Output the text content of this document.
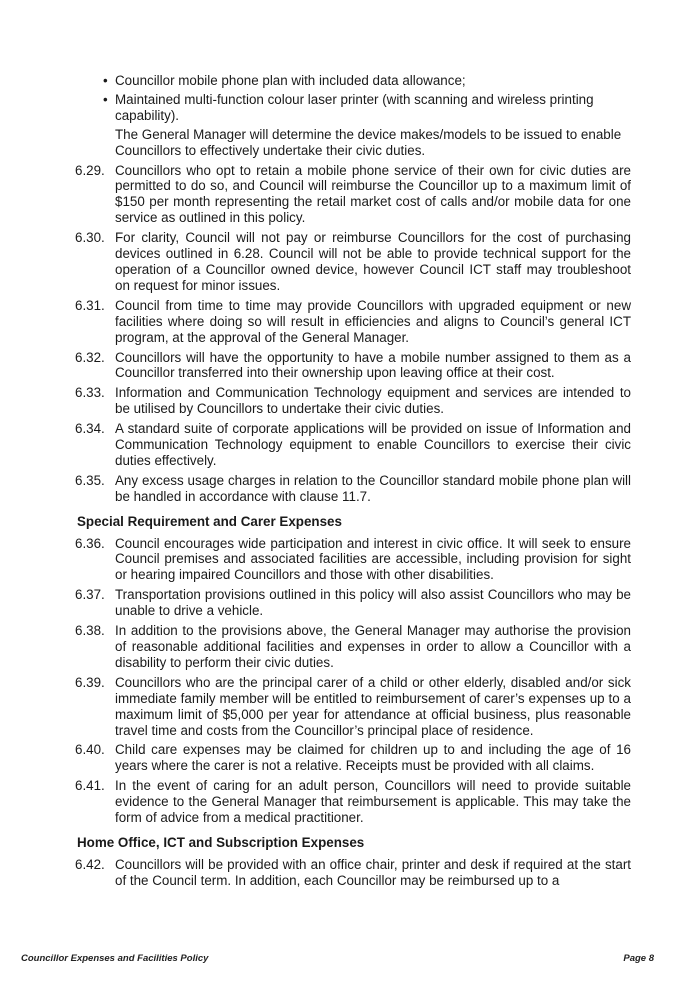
• Councillor mobile phone plan with included data allowance;
• Maintained multi-function colour laser printer (with scanning and wireless printing capability).
The General Manager will determine the device makes/models to be issued to enable Councillors to effectively undertake their civic duties.
6.29. Councillors who opt to retain a mobile phone service of their own for civic duties are permitted to do so, and Council will reimburse the Councillor up to a maximum limit of $150 per month representing the retail market cost of calls and/or mobile data for one service as outlined in this policy.
6.30. For clarity, Council will not pay or reimburse Councillors for the cost of purchasing devices outlined in 6.28. Council will not be able to provide technical support for the operation of a Councillor owned device, however Council ICT staff may troubleshoot on request for minor issues.
6.31. Council from time to time may provide Councillors with upgraded equipment or new facilities where doing so will result in efficiencies and aligns to Council’s general ICT program, at the approval of the General Manager.
6.32. Councillors will have the opportunity to have a mobile number assigned to them as a Councillor transferred into their ownership upon leaving office at their cost.
6.33. Information and Communication Technology equipment and services are intended to be utilised by Councillors to undertake their civic duties.
6.34. A standard suite of corporate applications will be provided on issue of Information and Communication Technology equipment to enable Councillors to exercise their civic duties effectively.
6.35. Any excess usage charges in relation to the Councillor standard mobile phone plan will be handled in accordance with clause 11.7.
Special Requirement and Carer Expenses
6.36. Council encourages wide participation and interest in civic office. It will seek to ensure Council premises and associated facilities are accessible, including provision for sight or hearing impaired Councillors and those with other disabilities.
6.37. Transportation provisions outlined in this policy will also assist Councillors who may be unable to drive a vehicle.
6.38. In addition to the provisions above, the General Manager may authorise the provision of reasonable additional facilities and expenses in order to allow a Councillor with a disability to perform their civic duties.
6.39. Councillors who are the principal carer of a child or other elderly, disabled and/or sick immediate family member will be entitled to reimbursement of carer’s expenses up to a maximum limit of $5,000 per year for attendance at official business, plus reasonable travel time and costs from the Councillor’s principal place of residence.
6.40. Child care expenses may be claimed for children up to and including the age of 16 years where the carer is not a relative. Receipts must be provided with all claims.
6.41. In the event of caring for an adult person, Councillors will need to provide suitable evidence to the General Manager that reimbursement is applicable. This may take the form of advice from a medical practitioner.
Home Office, ICT and Subscription Expenses
6.42. Councillors will be provided with an office chair, printer and desk if required at the start of the Council term. In addition, each Councillor may be reimbursed up to a
Councillor Expenses and Facilities Policy	Page 8
